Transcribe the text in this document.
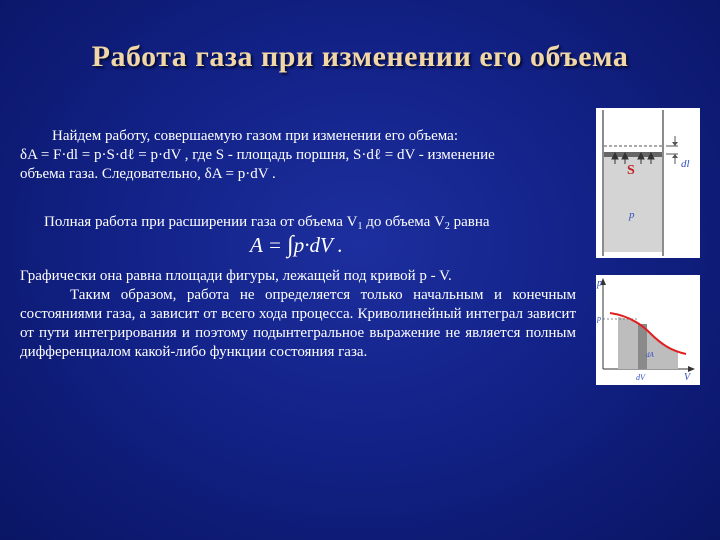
Работа газа при изменении его объема
Найдем работу, совершаемую газом при изменении его объема:
δA = F·dl = p·S·dℓ = p·dV , где S - площадь поршня, S·dℓ = dV - изменение
объема газа. Следовательно, δA = p·dV .
Полная работа при расширении газа от объема $V_1$ до объема $V_2$ равна
A = ∫p·dV .
Графически она равна площади фигуры, лежащей под кривой p - V.
Таким образом, работа не определяется только начальным и конечным состояниями газа, а зависит от всего хода процесса. Криволинейный интеграл зависит от пути интегрирования и поэтому подынтегральное выражение не является полным дифференциалом какой-либо функции состояния газа.
dl
S
p
p
V
p
dA
dV
